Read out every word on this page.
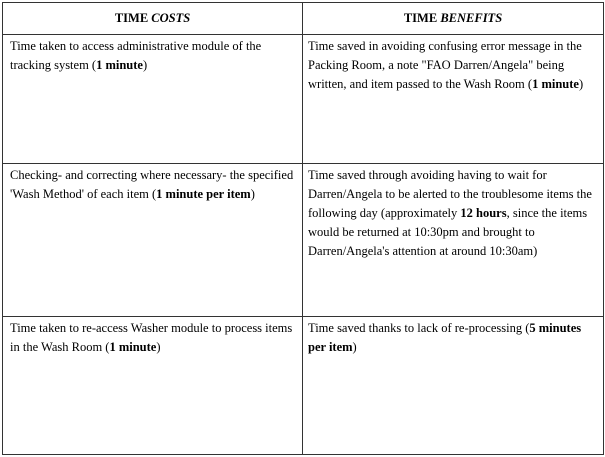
TIME COSTS	TIME BENEFITS

Time taken to access administrative module of the tracking system (1 minute)	Time saved in avoiding confusing error message in the Packing Room, a note "FAO Darren/Angela" being written, and item passed to the Wash Room (1 minute)

Checking- and correcting where necessary- the specified 'Wash Method' of each item (1 minute per item)	Time saved through avoiding having to wait for Darren/Angela to be alerted to the troublesome items the following day (approximately 12 hours, since the items would be returned at 10:30pm and brought to Darren/Angela's attention at around 10:30am)

Time taken to re-access Washer module to process items in the Wash Room (1 minute)	Time saved thanks to lack of re-processing (5 minutes per item)
